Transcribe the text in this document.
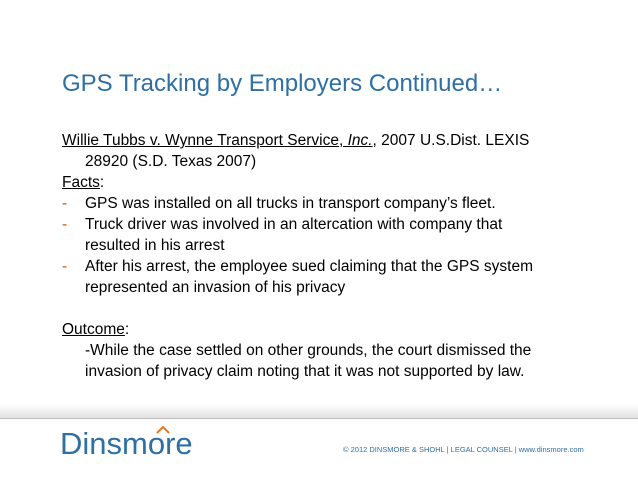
GPS Tracking by Employers Continued…
Willie Tubbs v. Wynne Transport Service, Inc., 2007 U.S.Dist. LEXIS
28920 (S.D. Texas 2007)
Facts:
-	GPS was installed on all trucks in transport company’s fleet.
-	Truck driver was involved in an altercation with company that
resulted in his arrest
-	After his arrest, the employee sued claiming that the GPS system
represented an invasion of his privacy
Outcome:
-While the case settled on other grounds, the court dismissed the
invasion of privacy claim noting that it was not supported by law.
Dinsmore	© 2012 DINSMORE & SHOHL | LEGAL COUNSEL | www.dinsmore.com
